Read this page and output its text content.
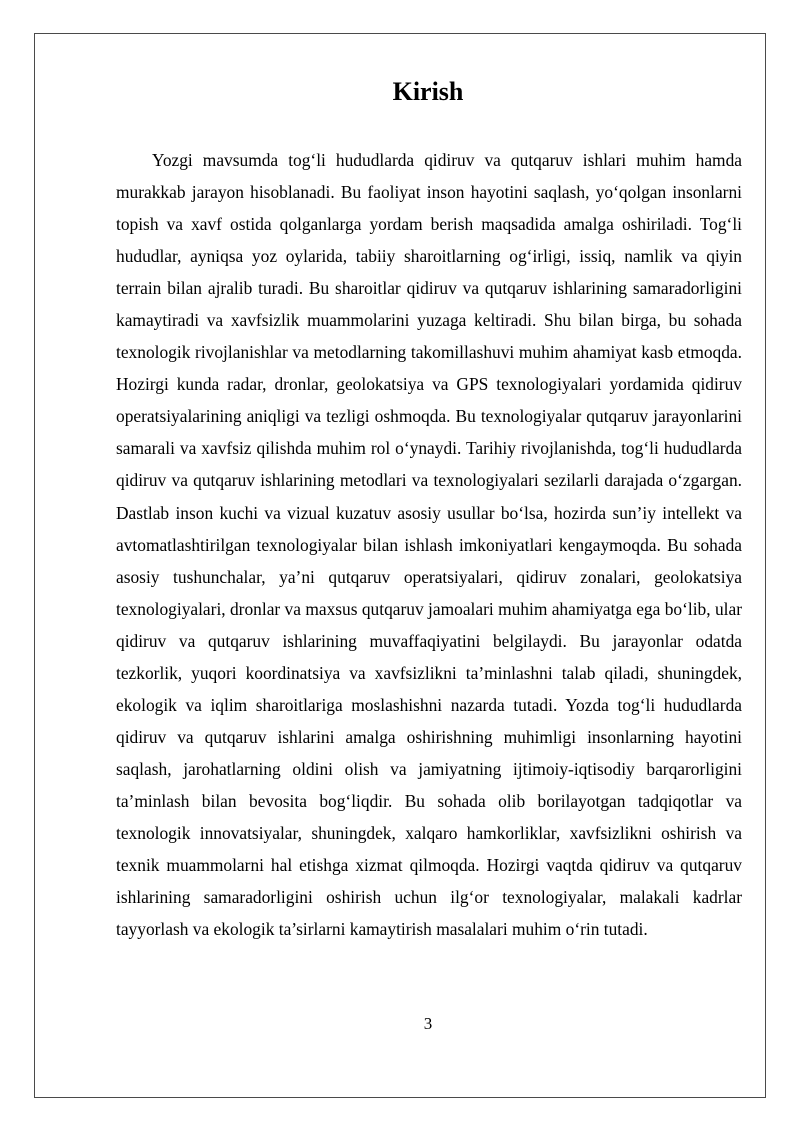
Kirish

Yozgi mavsumda tog‘li hududlarda qidiruv va qutqaruv ishlari muhim hamda murakkab jarayon hisoblanadi. Bu faoliyat inson hayotini saqlash, yo‘qolgan insonlarni topish va xavf ostida qolganlarga yordam berish maqsadida amalga oshiriladi. Tog‘li hududlar, ayniqsa yoz oylarida, tabiiy sharoitlarning og‘irligi, issiq, namlik va qiyin terrain bilan ajralib turadi. Bu sharoitlar qidiruv va qutqaruv ishlarining samaradorligini kamaytiradi va xavfsizlik muammolarini yuzaga keltiradi. Shu bilan birga, bu sohada texnologik rivojlanishlar va metodlarning takomillashuvi muhim ahamiyat kasb etmoqda. Hozirgi kunda radar, dronlar, geolokatsiya va GPS texnologiyalari yordamida qidiruv operatsiyalarining aniqligi va tezligi oshmoqda. Bu texnologiyalar qutqaruv jarayonlarini samarali va xavfsiz qilishda muhim rol o‘ynaydi. Tarihiy rivojlanishda, tog‘li hududlarda qidiruv va qutqaruv ishlarining metodlari va texnologiyalari sezilarli darajada o‘zgargan. Dastlab inson kuchi va vizual kuzatuv asosiy usullar bo‘lsa, hozirda sun’iy intellekt va avtomatlashtirilgan texnologiyalar bilan ishlash imkoniyatlari kengaymoqda. Bu sohada asosiy tushunchalar, ya’ni qutqaruv operatsiyalari, qidiruv zonalari, geolokatsiya texnologiyalari, dronlar va maxsus qutqaruv jamoalari muhim ahamiyatga ega bo‘lib, ular qidiruv va qutqaruv ishlarining muvaffaqiyatini belgilaydi. Bu jarayonlar odatda tezkorlik, yuqori koordinatsiya va xavfsizlikni ta’minlashni talab qiladi, shuningdek, ekologik va iqlim sharoitlariga moslashishni nazarda tutadi. Yozda tog‘li hududlarda qidiruv va qutqaruv ishlarini amalga oshirishning muhimligi insonlarning hayotini saqlash, jarohatlarning oldini olish va jamiyatning ijtimoiy-iqtisodiy barqarorligini ta’minlash bilan bevosita bog‘liqdir. Bu sohada olib borilayotgan tadqiqotlar va texnologik innovatsiyalar, shuningdek, xalqaro hamkorliklar, xavfsizlikni oshirish va texnik muammolarni hal etishga xizmat qilmoqda. Hozirgi vaqtda qidiruv va qutqaruv ishlarining samaradorligini oshirish uchun ilg‘or texnologiyalar, malakali kadrlar tayyorlash va ekologik ta’sirlarni kamaytirish masalalari muhim o‘rin tutadi.

3
